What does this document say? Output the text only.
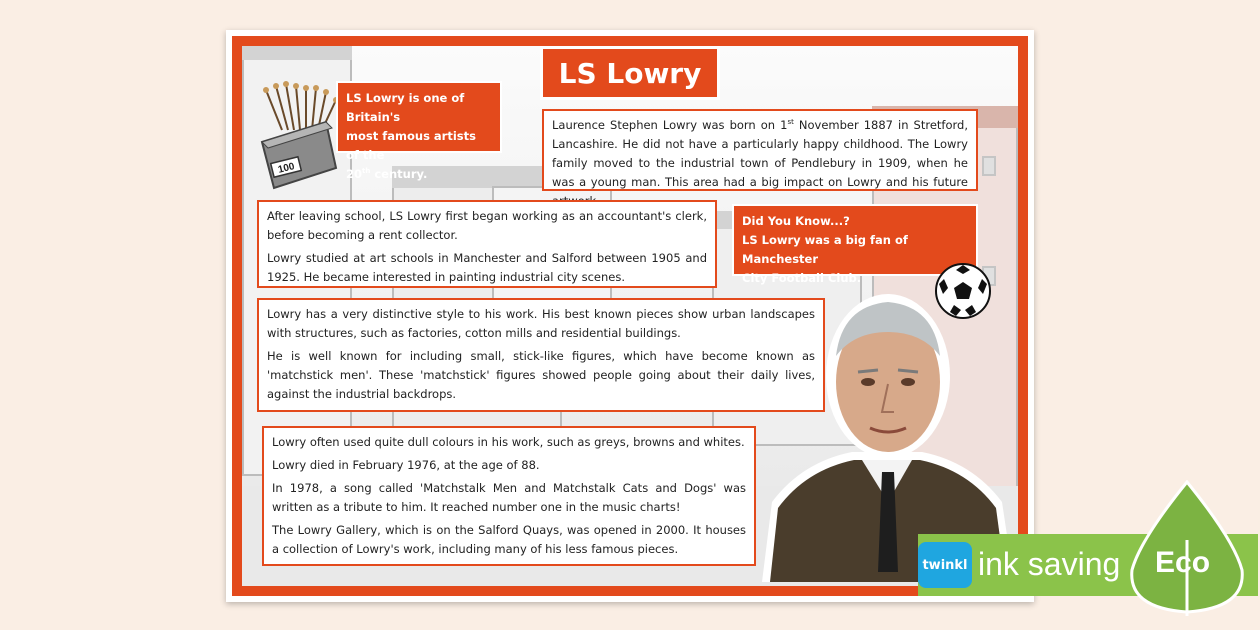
LS Lowry
100
LS Lowry is one of Britain's
most famous artists of the
20th century.

Laurence Stephen Lowry was born on 1st November 1887 in Stretford, Lancashire. He did not have a particularly happy childhood. The Lowry family moved to the industrial town of Pendlebury in 1909, when he was a young man. This area had a big impact on Lowry and his future

After leaving school, LS Lowry first began working as an accountant's clerk, before becoming a rent collector.

Lowry studied at art schools in Manchester and Salford between 1905 and 1925. He became interested in painting industrial city scenes.

Did You Know...?
LS Lowry was a big fan of Manchester
City Football Club.

Lowry has a very distinctive style to his work. His best known pieces show urban landscapes with structures, such as factories, cotton mills and residential buildings.

He is well known for including small, stick-like figures, which have become known as 'matchstick men'. These 'matchstick' figures showed people going about their daily lives, against the industrial backdrops.

Lowry often used quite dull colours in his work, such as greys, browns and whites.

Lowry died in February 1976, at the age of 88.

In 1978, a song called 'Matchstalk Men and Matchstalk Cats and Dogs' was written as a tribute to him. It reached number one in the music charts!

The Lowry Gallery, which is on the Salford Quays, was opened in 2000. It houses a collection of Lowry's work, including many of his less famous pieces.

twinkl ink saving Eco
